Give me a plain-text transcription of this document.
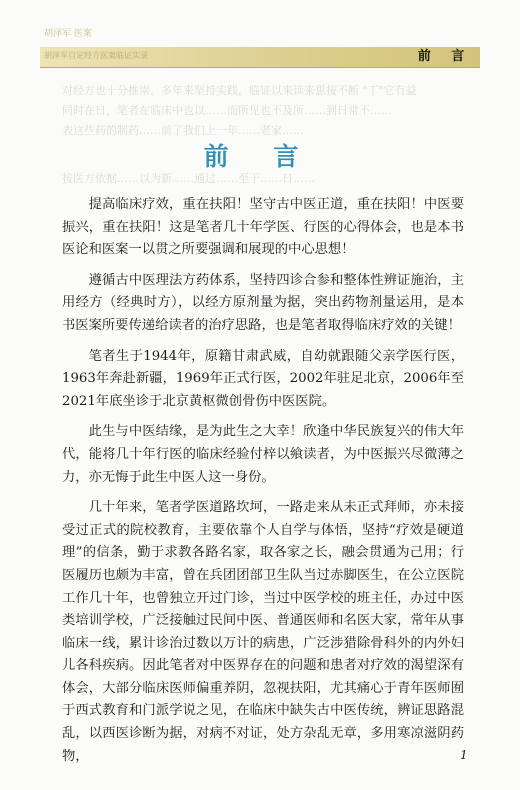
胡泽军 医案
胡泽军自定经方医案临证实录	前 言
对经方也十分推崇，多年来坚持实践，临证以来读来思接不断 "丁"它有益
同时在日，笔者在临床中也以……而所见也不及所……到日常不……
表这些药的制药……前了我们上一年……老家……
按医方依据……以为新……通过……至于……日……
前 言

提高临床疗效，重在扶阳！坚守古中医正道，重在扶阳！中医要振兴，重在扶阳！这是笔者几十年学医、行医的心得体会，也是本书医论和医案一以贯之所要强调和展现的中心思想！

遵循古中医理法方药体系，坚持四诊合参和整体性辨证施治，主用经方（经典时方），以经方原剂量为据，突出药物剂量运用，是本书医案所要传递给读者的治疗思路，也是笔者取得临床疗效的关键！

笔者生于1944年，原籍甘肃武威，自幼就跟随父亲学医行医，1963年奔赴新疆，1969年正式行医，2002年驻足北京，2006年至2021年底坐诊于北京黄枢微创骨伤中医医院。

此生与中医结缘，是为此生之大幸！欣逢中华民族复兴的伟大年代，能将几十年行医的临床经验付梓以飨读者，为中医振兴尽微薄之力，亦无悔于此生中医人这一身份。

几十年来，笔者学医道路坎坷，一路走来从未正式拜师，亦未接受过正式的院校教育，主要依靠个人自学与体悟，坚持“疗效是硬道理”的信条，勤于求教各路名家，取各家之长，融会贯通为己用；行医履历也颇为丰富，曾在兵团团部卫生队当过赤脚医生，在公立医院工作几十年，也曾独立开过门诊，当过中医学校的班主任，办过中医类培训学校，广泛接触过民间中医、普通医师和名医大家，常年从事临床一线，累计诊治过数以万计的病患，广泛涉猎除骨科外的内外妇儿各科疾病。因此笔者对中医界存在的问题和患者对疗效的渴望深有体会，大部分临床医师偏重养阴，忽视扶阳，尤其痛心于青年医师囿于西式教育和门派学说之见，在临床中缺失古中医传统，辨证思路混乱，以西医诊断为据，对病不对证，处方杂乱无章，多用寒凉滋阴药物，	1
